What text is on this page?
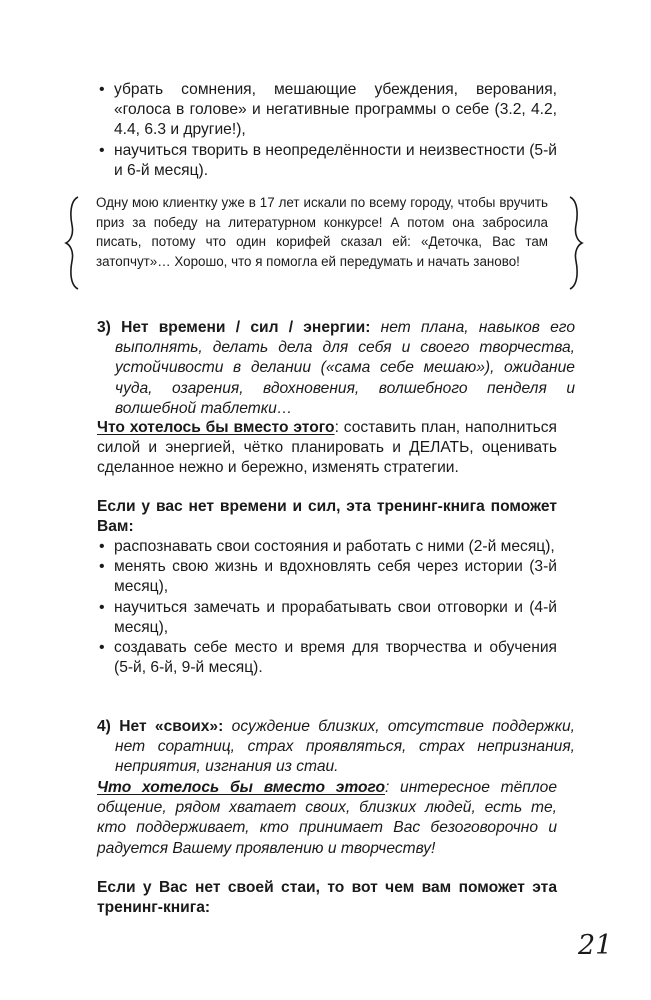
• убрать сомнения, мешающие убеждения, верования, «голоса в голове» и негативные программы о себе (3.2, 4.2, 4.4, 6.3 и другие!),
• научиться творить в неопределённости и неизвестности (5-й и 6-й месяц).
Одну мою клиентку уже в 17 лет искали по всему городу, чтобы вручить приз за победу на литературном конкурсе! А потом она забросила писать, потому что один корифей сказал ей: «Деточка, Вас там затопчут»… Хорошо, что я помогла ей передумать и начать заново!
3) Нет времени / сил / энергии: нет плана, навыков его выполнять, делать дела для себя и своего творчества, устойчивости в делании («сама себе мешаю»), ожидание чуда, озарения, вдохновения, волшебного пенделя и волшебной таблетки…
Что хотелось бы вместо этого: составить план, наполниться силой и энергией, чётко планировать и ДЕЛАТЬ, оценивать сделанное нежно и бережно, изменять стратегии.
Если у вас нет времени и сил, эта тренинг-книга поможет Вам:
• распознавать свои состояния и работать с ними (2-й месяц),
• менять свою жизнь и вдохновлять себя через истории (3-й месяц),
• научиться замечать и прорабатывать свои отговорки и (4-й месяц),
• создавать себе место и время для творчества и обучения (5-й, 6-й, 9-й месяц).
4) Нет «своих»: осуждение близких, отсутствие поддержки, нет соратниц, страх проявляться, страх непризнания, неприятия, изгнания из стаи.
Что хотелось бы вместо этого: интересное тёплое общение, рядом хватает своих, близких людей, есть те, кто поддерживает, кто принимает Вас безоговорочно и радуется Вашему проявлению и творчеству!
Если у Вас нет своей стаи, то вот чем вам поможет эта тренинг-книга:
21
